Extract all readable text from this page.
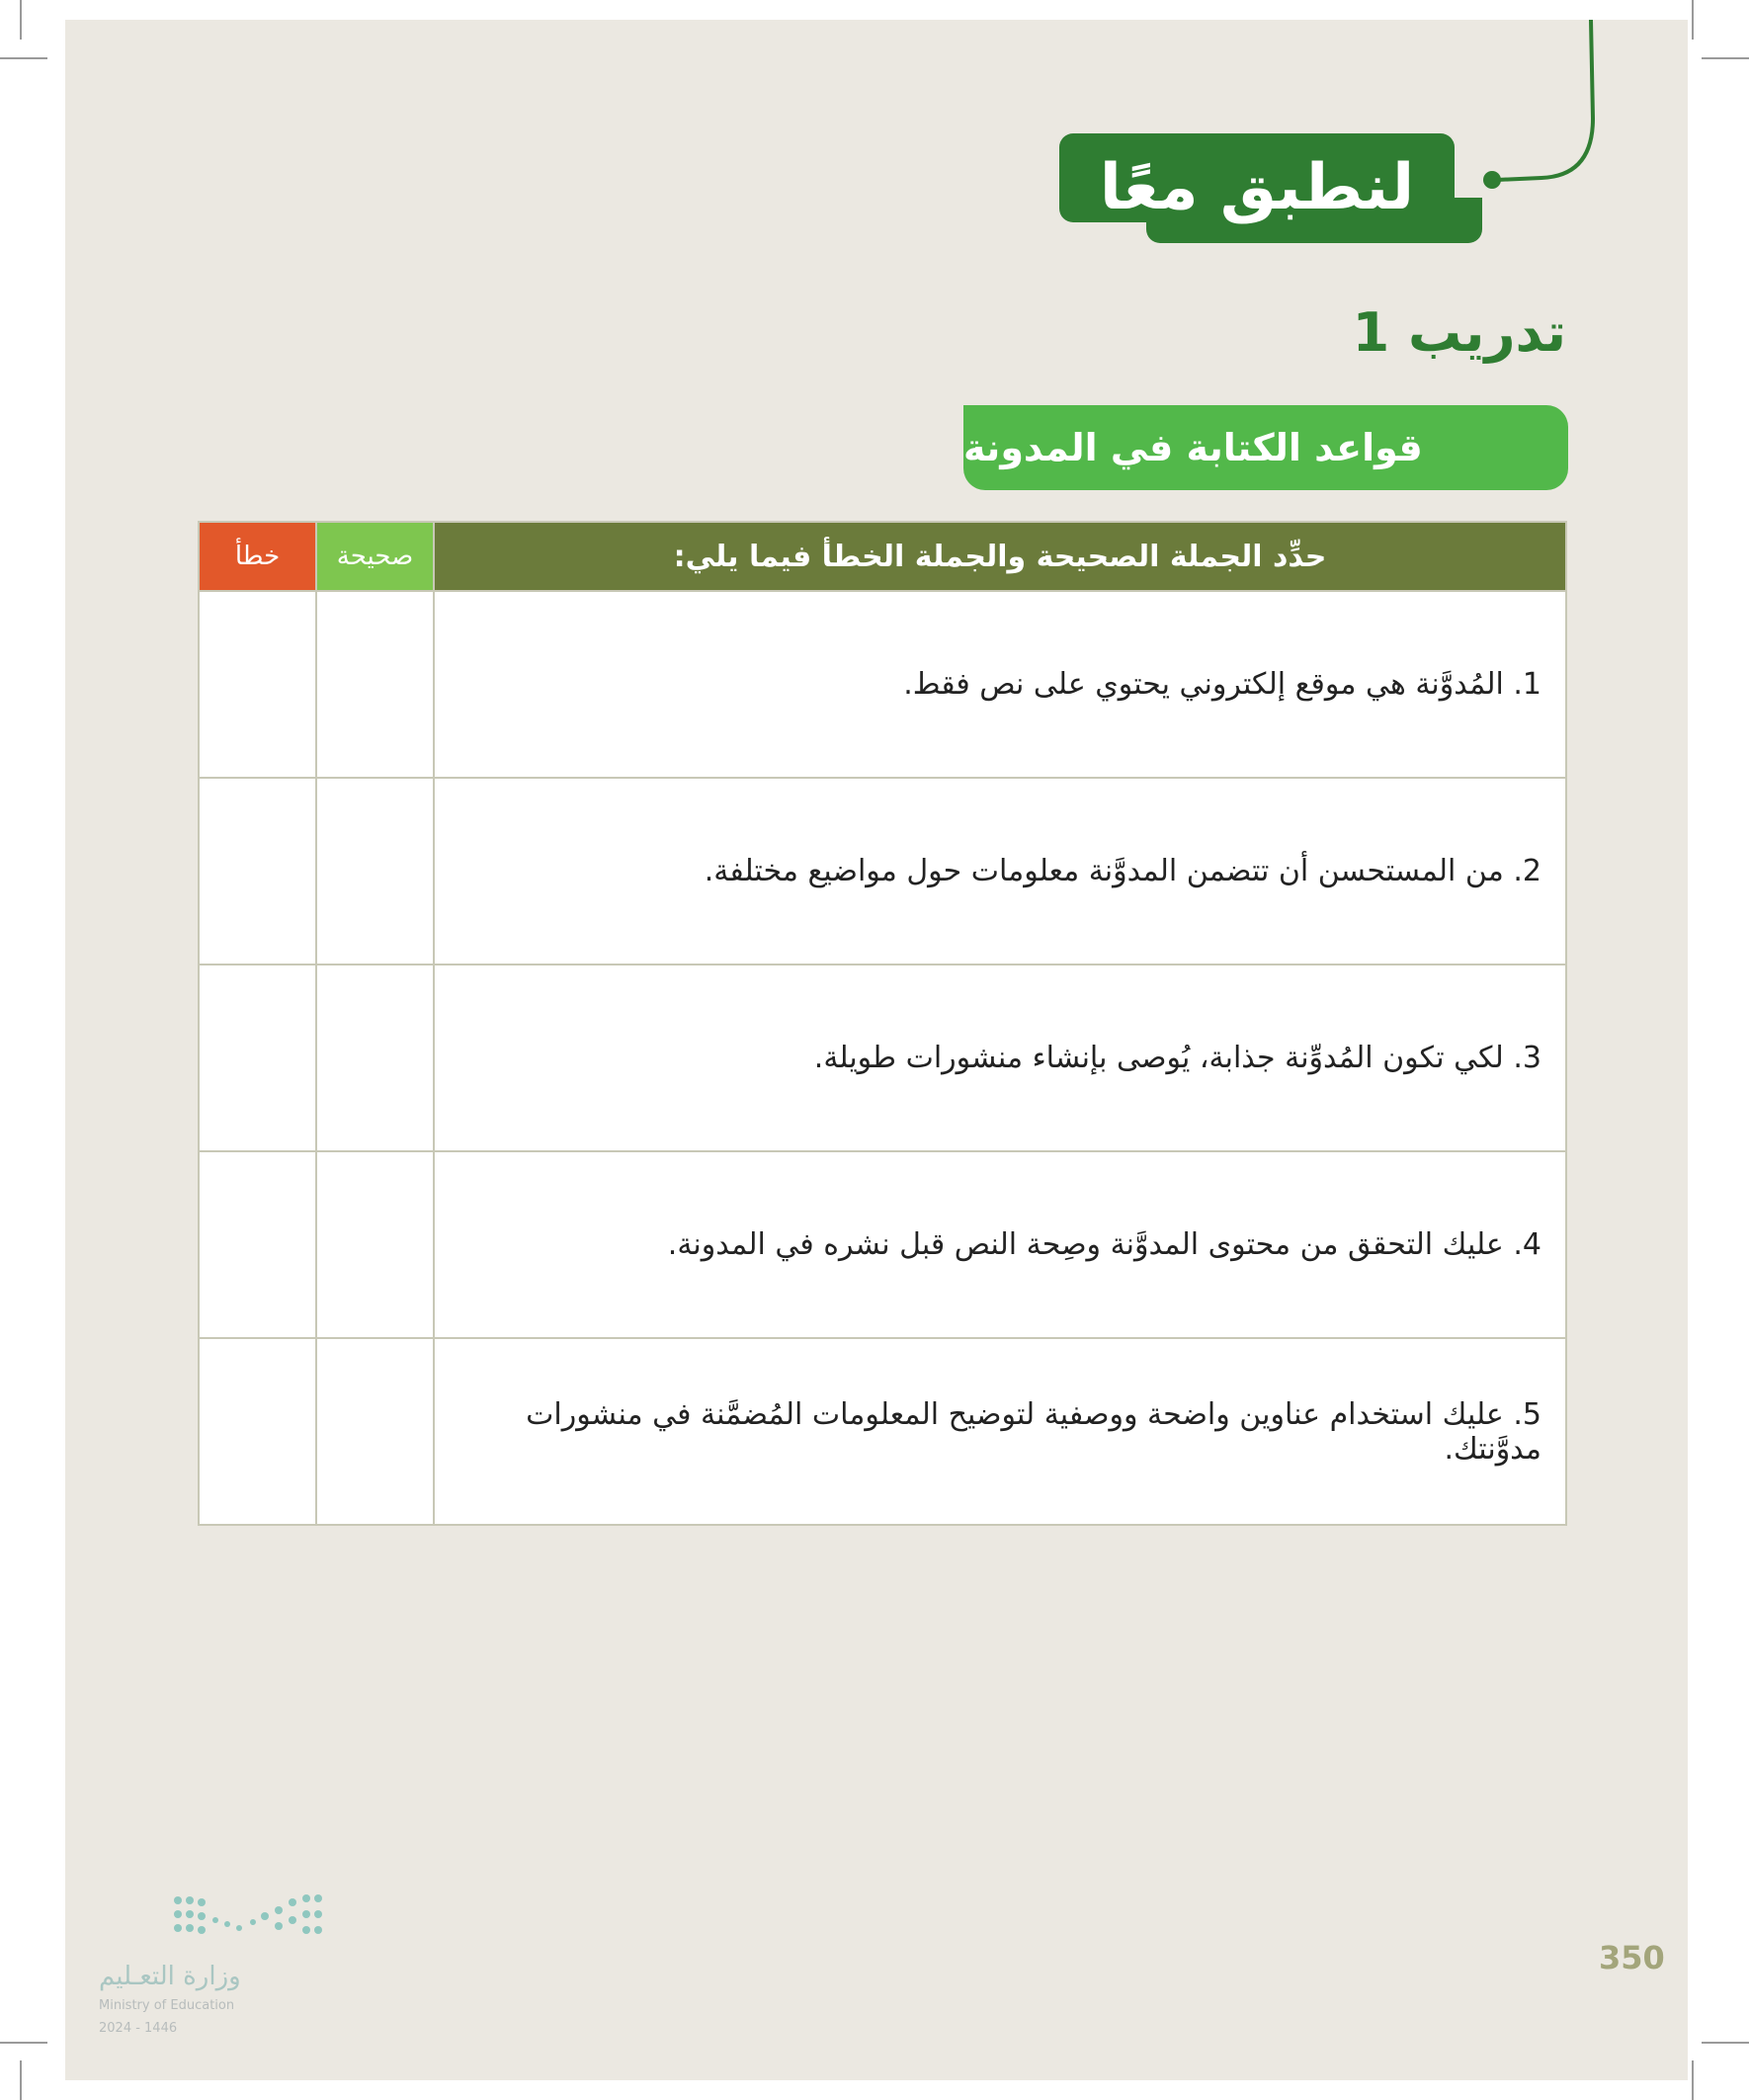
لنطبق معًا
تدريب 1
قواعد الكتابة في المدونة
خطأ	صحيحة	حدِّد الجملة الصحيحة والجملة الخطأ فيما يلي:
		1. المُدوَّنة هي موقع إلكتروني يحتوي على نص فقط.
		2. من المستحسن أن تتضمن المدوَّنة معلومات حول مواضيع مختلفة.
		3. لكي تكون المُدوِّنة جذابة، يُوصى بإنشاء منشورات طويلة.
		4. عليك التحقق من محتوى المدوَّنة وصِحة النص قبل نشره في المدونة.
		5. عليك استخدام عناوين واضحة ووصفية لتوضيح المعلومات المُضمَّنة في منشورات مدوَّنتك.
وزارة التعـليم
Ministry of Education
2024 - 1446
350
